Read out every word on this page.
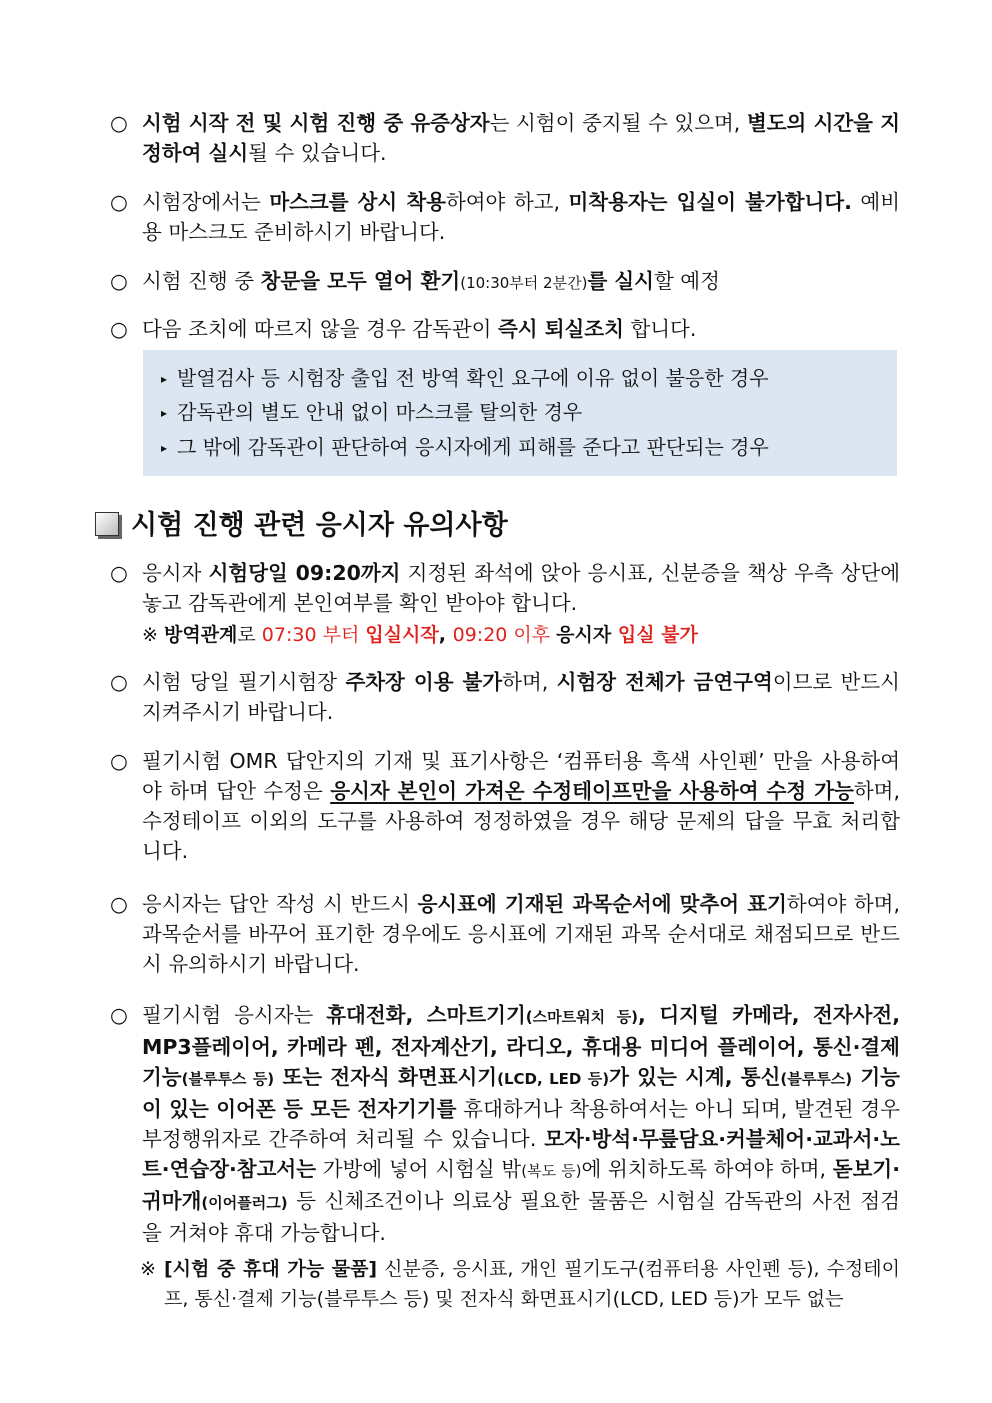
○ 시험 시작 전 및 시험 진행 중 유증상자는 시험이 중지될 수 있으며, 별도의 시간을 지정하여 실시될 수 있습니다.
○ 시험장에서는 마스크를 상시 착용하여야 하고, 미착용자는 입실이 불가합니다. 예비용 마스크도 준비하시기 바랍니다.
○ 시험 진행 중 창문을 모두 열어 환기(10:30부터 2분간)를 실시할 예정
○ 다음 조치에 따르지 않을 경우 감독관이 즉시 퇴실조치 합니다.
▸ 발열검사 등 시험장 출입 전 방역 확인 요구에 이유 없이 불응한 경우
▸ 감독관의 별도 안내 없이 마스크를 탈의한 경우
▸ 그 밖에 감독관이 판단하여 응시자에게 피해를 준다고 판단되는 경우
시험 진행 관련 응시자 유의사항
○ 응시자 시험당일 09:20까지 지정된 좌석에 앉아 응시표, 신분증을 책상 우측 상단에 놓고 감독관에게 본인여부를 확인 받아야 합니다.
※ 방역관계로 07:30 부터 입실시작, 09:20 이후 응시자 입실 불가
○ 시험 당일 필기시험장 주차장 이용 불가하며, 시험장 전체가 금연구역이므로 반드시 지켜주시기 바랍니다.
○ 필기시험 OMR 답안지의 기재 및 표기사항은 ‘컴퓨터용 흑색 사인펜’ 만을 사용하여야 하며 답안 수정은 응시자 본인이 가져온 수정테이프만을 사용하여 수정 가능하며, 수정테이프 이외의 도구를 사용하여 정정하였을 경우 해당 문제의 답을 무효 처리합니다.
○ 응시자는 답안 작성 시 반드시 응시표에 기재된 과목순서에 맞추어 표기하여야 하며, 과목순서를 바꾸어 표기한 경우에도 응시표에 기재된 과목 순서대로 채점되므로 반드시 유의하시기 바랍니다.
○ 필기시험 응시자는 휴대전화, 스마트기기(스마트워치 등), 디지털 카메라, 전자사전, MP3플레이어, 카메라 펜, 전자계산기, 라디오, 휴대용 미디어 플레이어, 통신·결제 기능(블루투스 등) 또는 전자식 화면표시기(LCD, LED 등)가 있는 시계, 통신(블루투스) 기능이 있는 이어폰 등 모든 전자기기를 휴대하거나 착용하여서는 아니 되며, 발견된 경우 부정행위자로 간주하여 처리될 수 있습니다. 모자·방석·무릎담요·커블체어·교과서·노트·연습장·참고서는 가방에 넣어 시험실 밖(복도 등)에 위치하도록 하여야 하며, 돋보기·귀마개(이어플러그) 등 신체조건이나 의료상 필요한 물품은 시험실 감독관의 사전 점검을 거쳐야 휴대 가능합니다.
※ [시험 중 휴대 가능 물품] 신분증, 응시표, 개인 필기도구(컴퓨터용 사인펜 등), 수정테이프, 통신·결제 기능(블루투스 등) 및 전자식 화면표시기(LCD, LED 등)가 모두 없는
